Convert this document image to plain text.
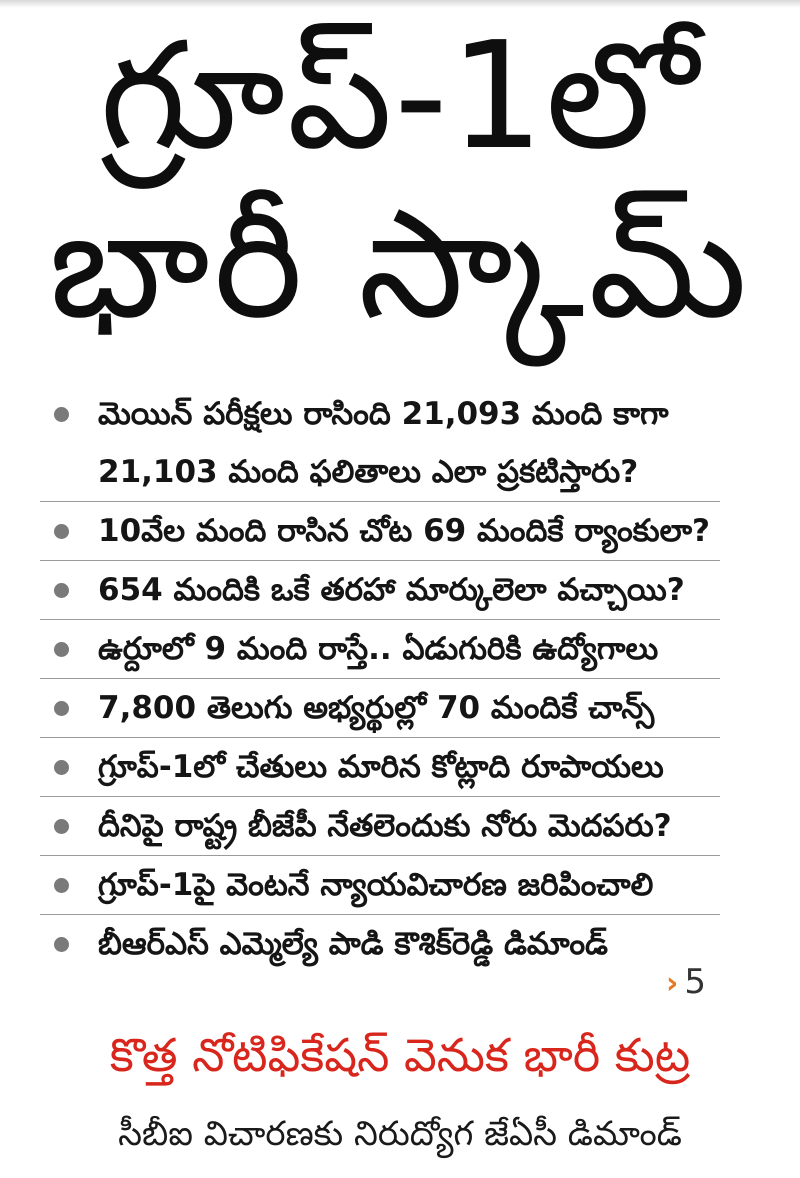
గ్రూప్-1లో
భారీ స్కామ్
మెయిన్ పరీక్షలు రాసింది 21,093 మంది కాగా
21,103 మంది ఫలితాలు ఎలా ప్రకటిస్తారు?
10వేల మంది రాసిన చోట 69 మందికే ర్యాంకులా?
654 మందికి ఒకే తరహా మార్కులెలా వచ్చాయి?
ఉర్దూలో 9 మంది రాస్తే.. ఏడుగురికి ఉద్యోగాలు
7,800 తెలుగు అభ్యర్థుల్లో 70 మందికే చాన్స్
గ్రూప్-1లో చేతులు మారిన కోట్లాది రూపాయలు
దీనిపై రాష్ట్ర బీజేపీ నేతలెందుకు నోరు మెదపరు?
గ్రూప్-1పై వెంటనే న్యాయవిచారణ జరిపించాలి
బీఆర్ఎస్ ఎమ్మెల్యే పాడి కౌశిక్‌రెడ్డి డిమాండ్
› 5
కొత్త నోటిఫికేషన్ వెనుక భారీ కుట్ర
సీబీఐ విచారణకు నిరుద్యోగ జేఏసీ డిమాండ్
